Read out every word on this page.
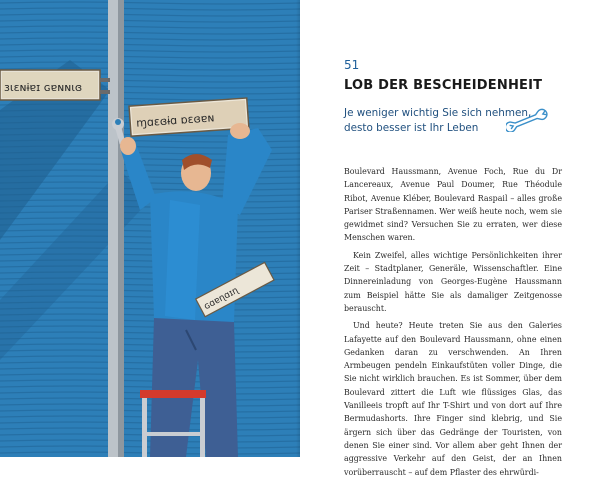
ɜɩɛɴɨɐɪ ɢɐɴɴɩɞ
ɱɑɛɞɨɑ ɒɛɞɐɴ
ɢɑɐɳɑɪɳ
51
LOB DER BESCHEIDENHEIT

Je weniger wichtig Sie sich nehmen, desto besser ist Ihr Leben

Boulevard Haussmann, Avenue Foch, Rue du Dr Lancereaux, Avenue Paul Doumer, Rue Théodule Ribot, Avenue Kléber, Boulevard Raspail – alles große Pariser Straßennamen. Wer weiß heute noch, wem sie gewidmet sind? Versuchen Sie zu erraten, wer diese Menschen waren.

Kein Zweifel, alles wichtige Persönlichkeiten ihrer Zeit – Stadtplaner, Generäle, Wissenschaftler. Eine Dinnereinladung von Georges-Eugène Haussmann zum Beispiel hätte Sie als damaliger Zeitgenosse berauscht.

Und heute? Heute treten Sie aus den Galeries Lafayette auf den Boulevard Haussmann, ohne einen Gedanken daran zu verschwenden. An Ihren Armbeugen pendeln Einkaufstüten voller Dinge, die Sie nicht wirklich brauchen. Es ist Sommer, über dem Boulevard zittert die Luft wie flüssiges Glas, das Vanilleeis tropft auf Ihr T-Shirt und von dort auf Ihre Bermudashorts. Ihre Finger sind klebrig, und Sie ärgern sich über das Gedränge der Touristen, von denen Sie einer sind. Vor allem aber geht Ihnen der aggressive Verkehr auf den Geist, der an Ihnen vorüberrauscht – auf dem Pflaster des ehrwürdi-
